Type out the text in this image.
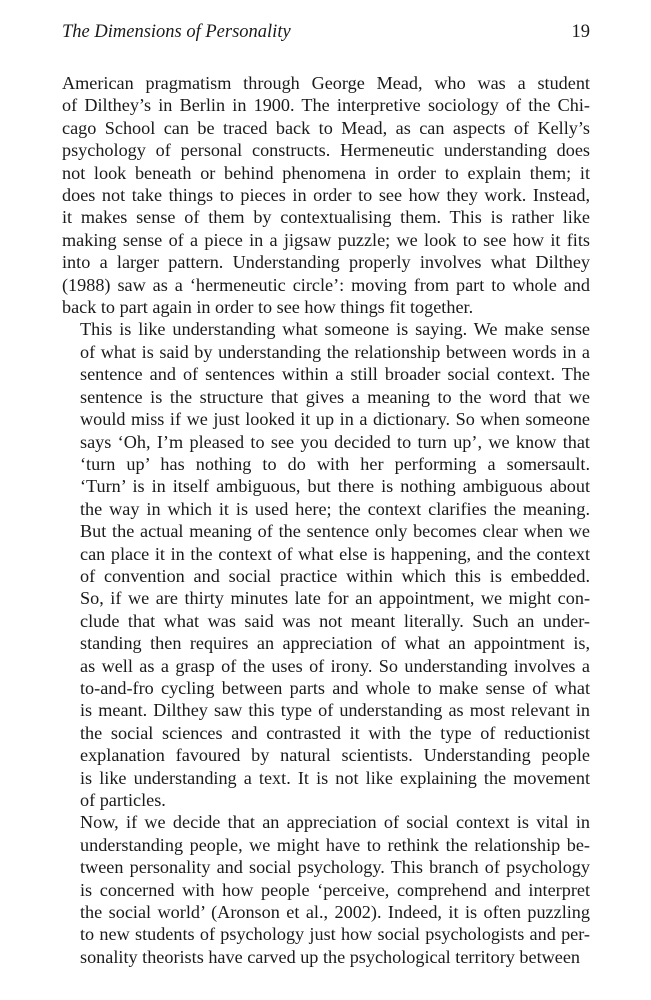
The Dimensions of Personality	19

American pragmatism through George Mead, who was a student
of Dilthey’s in Berlin in 1900. The interpretive sociology of the Chi-
cago School can be traced back to Mead, as can aspects of Kelly’s
psychology of personal constructs. Hermeneutic understanding does
not look beneath or behind phenomena in order to explain them; it
does not take things to pieces in order to see how they work. Instead,
it makes sense of them by contextualising them. This is rather like
making sense of a piece in a jigsaw puzzle; we look to see how it fits
into a larger pattern. Understanding properly involves what Dilthey
(1988) saw as a ‘hermeneutic circle’: moving from part to whole and
back to part again in order to see how things fit together.

This is like understanding what someone is saying. We make sense
of what is said by understanding the relationship between words in a
sentence and of sentences within a still broader social context. The
sentence is the structure that gives a meaning to the word that we
would miss if we just looked it up in a dictionary. So when someone
says ‘Oh, I’m pleased to see you decided to turn up’, we know that
‘turn up’ has nothing to do with her performing a somersault.
‘Turn’ is in itself ambiguous, but there is nothing ambiguous about
the way in which it is used here; the context clarifies the meaning.
But the actual meaning of the sentence only becomes clear when we
can place it in the context of what else is happening, and the context
of convention and social practice within which this is embedded.
So, if we are thirty minutes late for an appointment, we might con-
clude that what was said was not meant literally. Such an under-
standing then requires an appreciation of what an appointment is,
as well as a grasp of the uses of irony. So understanding involves a
to-and-fro cycling between parts and whole to make sense of what
is meant. Dilthey saw this type of understanding as most relevant in
the social sciences and contrasted it with the type of reductionist
explanation favoured by natural scientists. Understanding people
is like understanding a text. It is not like explaining the movement
of particles.

Now, if we decide that an appreciation of social context is vital in
understanding people, we might have to rethink the relationship be-
tween personality and social psychology. This branch of psychology
is concerned with how people ‘perceive, comprehend and interpret
the social world’ (Aronson et al., 2002). Indeed, it is often puzzling
to new students of psychology just how social psychologists and per-
sonality theorists have carved up the psychological territory between
